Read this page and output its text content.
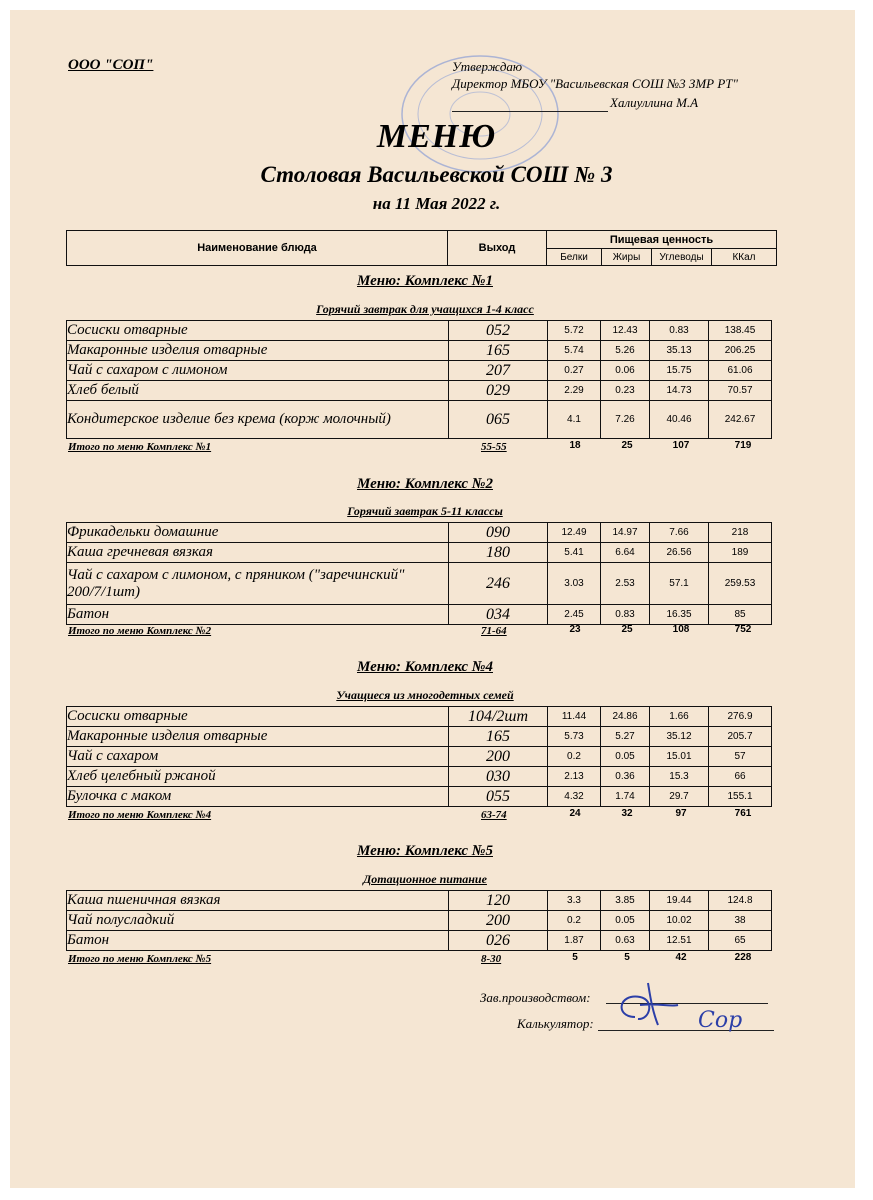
ООО "СОП"	Утверждаю
Директор МБОУ "Васильевская СОШ №3 ЗМР РТ"
Халиуллина М.А
МЕНЮ
Столовая Васильевской СОШ № 3
на 11 Мая 2022 г.
Наименование блюда	Выход
Пищевая ценность
Белки	Жиры	Углеводы	ККал
Меню: Комплекс №1
Горячий завтрак для учащихся 1-4 класс
Сосиски отварные	052	5.72	12.43	0.83	138.45
Макаронные изделия отварные	165	5.74	5.26	35.13	206.25
Чай с сахаром с лимоном	207	0.27	0.06	15.75	61.06
Хлеб белый	029	2.29	0.23	14.73	70.57
Кондитерское изделие без крема (корж молочный)	065	4.1	7.26	40.46	242.67
Итого по меню Комплекс №1	55-55	18	25	107	719
Меню: Комплекс №2
Горячий завтрак 5-11 классы
Фрикадельки домашние	090	12.49	14.97	7.66	218
Каша гречневая вязкая	180	5.41	6.64	26.56	189
Чай с сахаром с лимоном, с пряником ("заречинский" 200/7/1шт)	246	3.03	2.53	57.1	259.53
Батон	034	2.45	0.83	16.35	85
Итого по меню Комплекс №2	71-64	23	25	108	752
Меню: Комплекс №4
Учащиеся из многодетных семей
Сосиски отварные	104/2шт	11.44	24.86	1.66	276.9
Макаронные изделия отварные	165	5.73	5.27	35.12	205.7
Чай с сахаром	200	0.2	0.05	15.01	57
Хлеб целебный ржаной	030	2.13	0.36	15.3	66
Булочка с маком	055	4.32	1.74	29.7	155.1
Итого по меню Комплекс №4	63-74	24	32	97	761
Меню: Комплекс №5
Дотационное питание
Каша пшеничная вязкая	120	3.3	3.85	19.44	124.8
Чай полусладкий	200	0.2	0.05	10.02	38
Батон	026	1.87	0.63	12.51	65
Итого по меню Комплекс №5	8-30	5	5	42	228
Зав.производством:
Калькулятор:	Сор
